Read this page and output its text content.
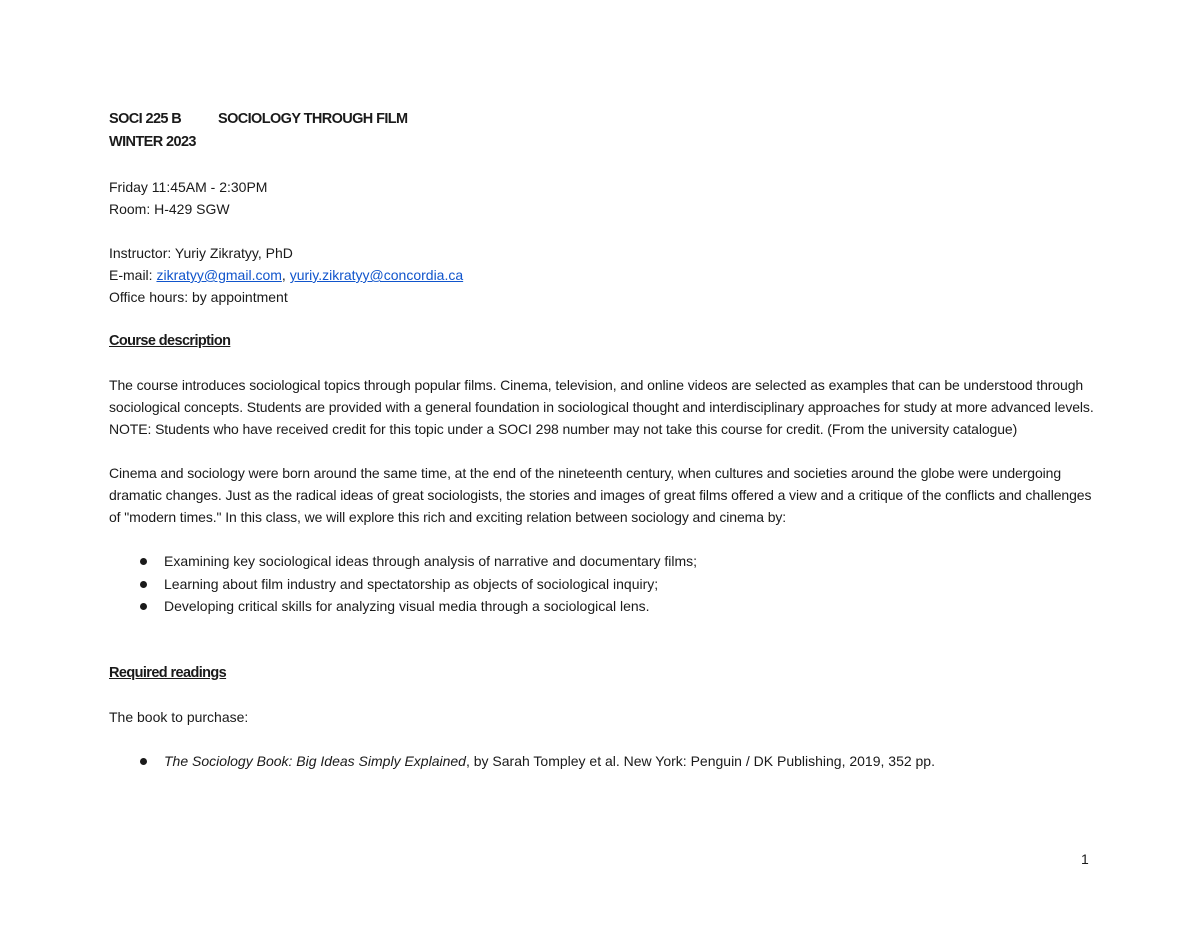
SOCI 225 B	SOCIOLOGY THROUGH FILM
WINTER 2023

Friday 11:45AM - 2:30PM

Room: H-429 SGW

Instructor: Yuriy Zikratyy, PhD

E-mail: zikratyy@gmail.com, yuriy.zikratyy@concordia.ca

Office hours: by appointment

Course description

The course introduces sociological topics through popular films. Cinema, television, and online videos are selected as examples that can be understood through sociological concepts. Students are provided with a general foundation in sociological thought and interdisciplinary approaches for study at more advanced levels. NOTE: Students who have received credit for this topic under a SOCI 298 number may not take this course for credit. (From the university catalogue)

Cinema and sociology were born around the same time, at the end of the nineteenth century, when cultures and societies around the globe were undergoing dramatic changes. Just as the radical ideas of great sociologists, the stories and images of great films offered a view and a critique of the conflicts and challenges of "modern times." In this class, we will explore this rich and exciting relation between sociology and cinema by:

Examining key sociological ideas through analysis of narrative and documentary films;
Learning about film industry and spectatorship as objects of sociological inquiry;
Developing critical skills for analyzing visual media through a sociological lens.

Required readings

The book to purchase:

The Sociology Book: Big Ideas Simply Explained, by Sarah Tompley et al. New York: Penguin / DK Publishing, 2019, 352 pp.
1
